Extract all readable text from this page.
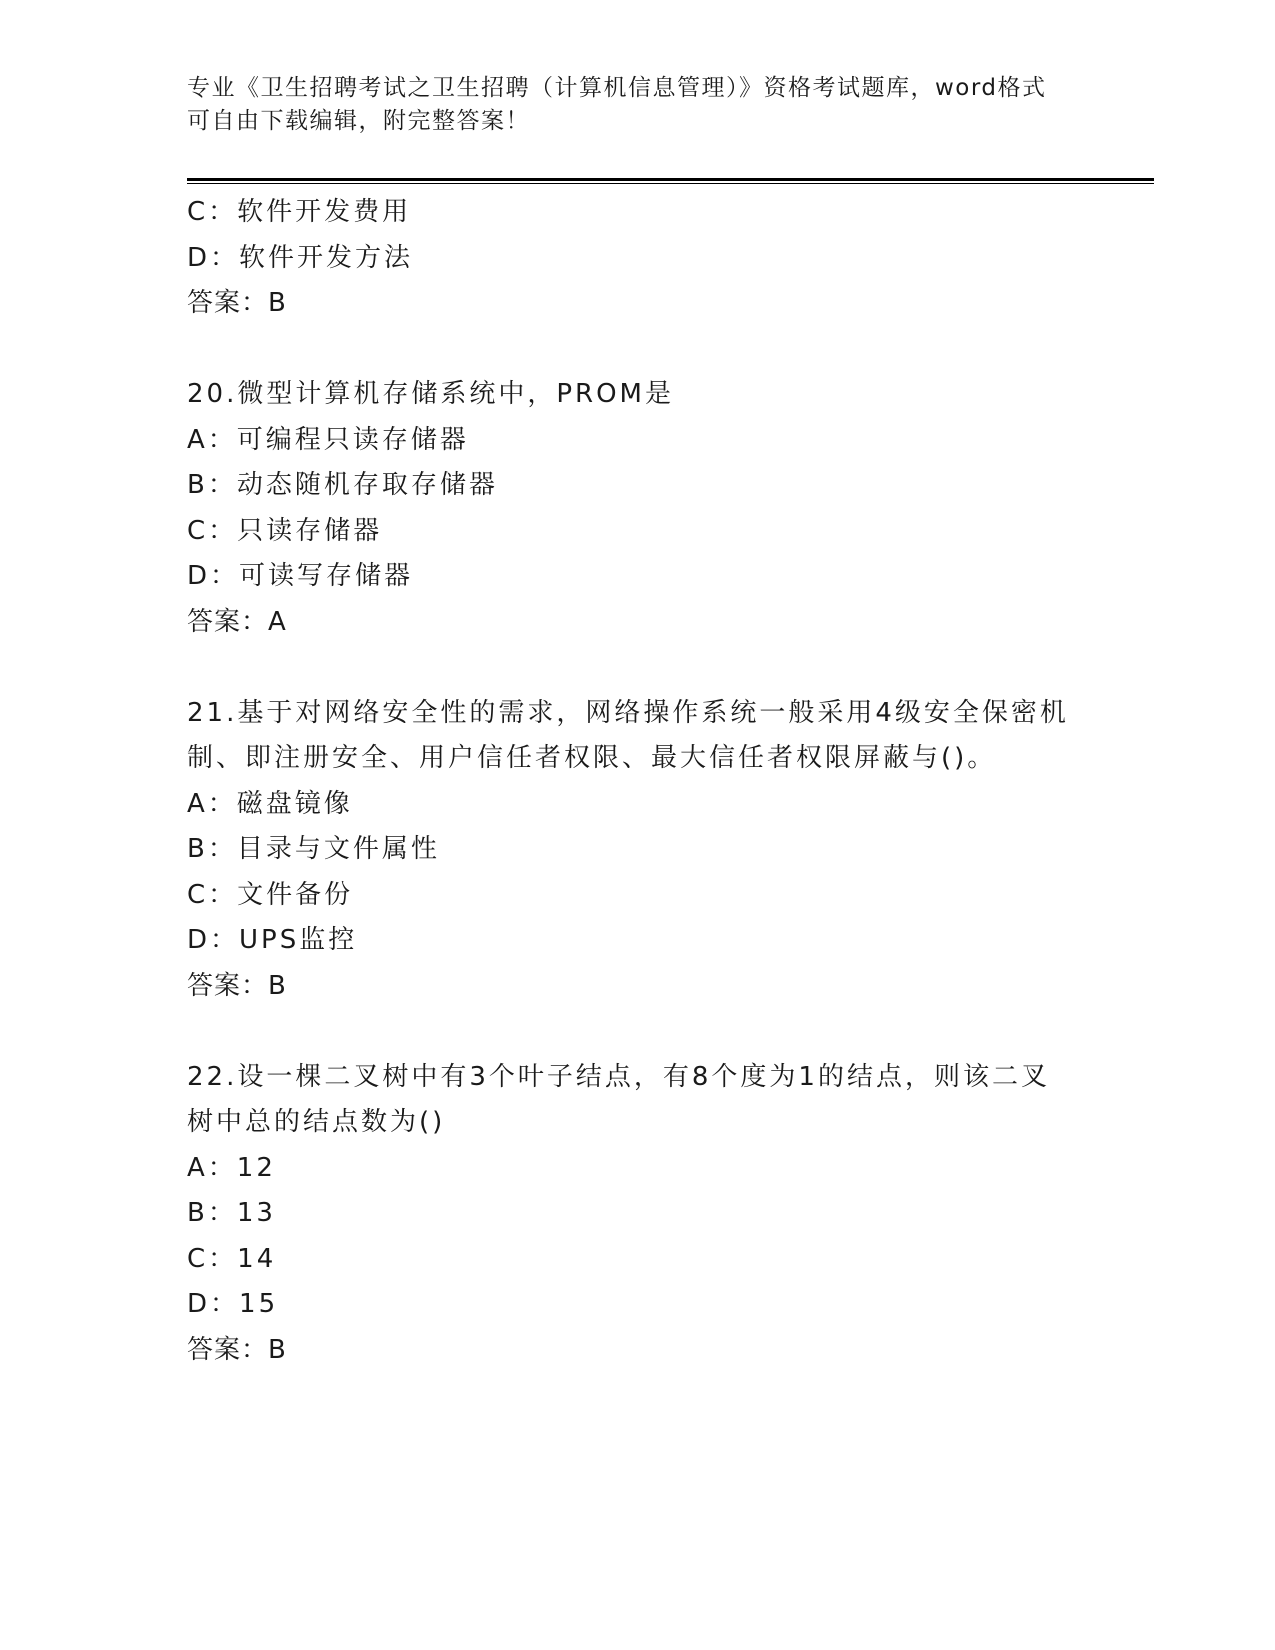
专业《卫生招聘考试之卫生招聘（计算机信息管理）》资格考试题库，word格式
可自由下载编辑，附完整答案！
C：软件开发费用
D：软件开发方法
答案：B
20.微型计算机存储系统中，PROM是
A：可编程只读存储器
B：动态随机存取存储器
C：只读存储器
D：可读写存储器
答案：A
21.基于对网络安全性的需求，网络操作系统一般采用4级安全保密机
制、即注册安全、用户信任者权限、最大信任者权限屏蔽与()。
A：磁盘镜像
B：目录与文件属性
C：文件备份
D：UPS监控
答案：B
22.设一棵二叉树中有3个叶子结点，有8个度为1的结点，则该二叉
树中总的结点数为()
A：12
B：13
C：14
D：15
答案：B
